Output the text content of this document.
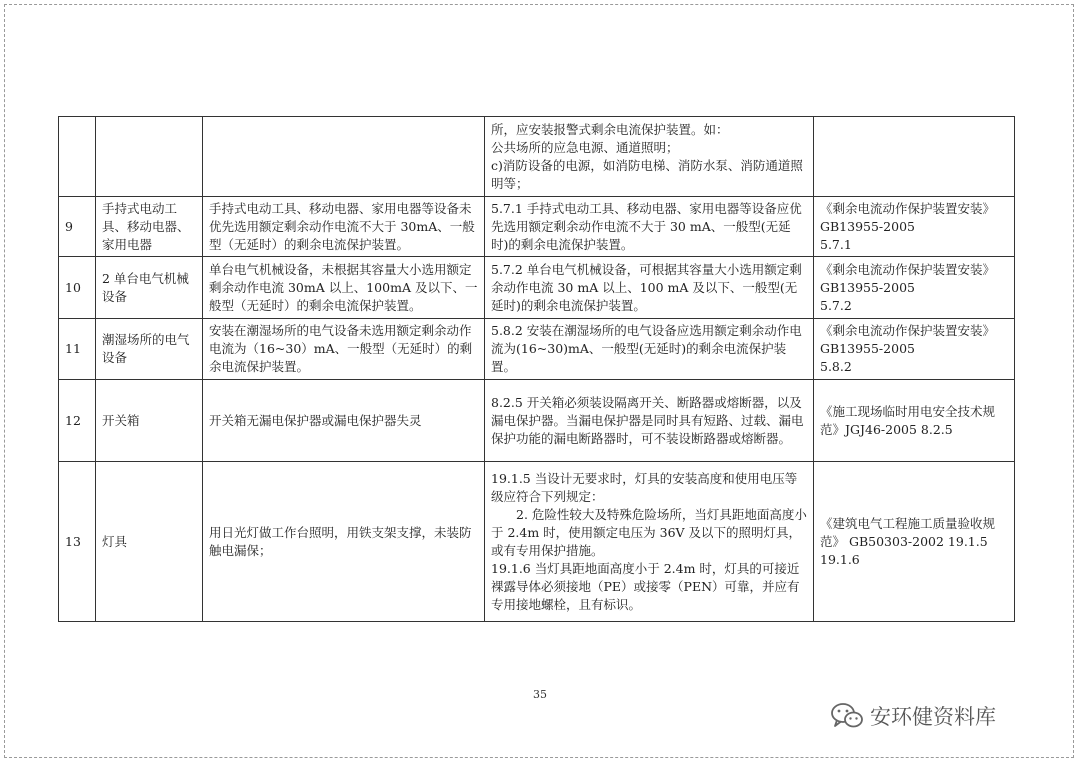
			所，应安装报警式剩余电流保护装置。如：
公共场所的应急电源、通道照明；
c)消防设备的电源，如消防电梯、消防水泵、消防通道照明等；	

9	手持式电动工具、移动电器、家用电器	手持式电动工具、移动电器、家用电器等设备未优先选用额定剩余动作电流不大于 30mA、一般型（无延时）的剩余电流保护装置。	5.7.1 手持式电动工具、移动电器、家用电器等设备应优先选用额定剩余动作电流不大于 30 mA、一般型(无延时)的剩余电流保护装置。	《剩余电流动作保护装置安装》
GB13955-2005
5.7.1

10	2 单台电气机械设备	单台电气机械设备，未根据其容量大小选用额定剩余动作电流 30mA 以上、100mA 及以下、一般型（无延时）的剩余电流保护装置。	5.7.2 单台电气机械设备，可根据其容量大小选用额定剩余动作电流 30 mA 以上、100 mA 及以下、一般型(无延时)的剩余电流保护装置。	《剩余电流动作保护装置安装》
GB13955-2005
5.7.2

11	潮湿场所的电气设备	安装在潮湿场所的电气设备未选用额定剩余动作电流为（16~30）mA、一般型（无延时）的剩余电流保护装置。	5.8.2 安装在潮湿场所的电气设备应选用额定剩余动作电流为(16~30)mA、一般型(无延时)的剩余电流保护装置。	《剩余电流动作保护装置安装》
GB13955-2005
5.8.2

12	开关箱	开关箱无漏电保护器或漏电保护器失灵	8.2.5 开关箱必须装设隔离开关、断路器或熔断器，以及漏电保护器。当漏电保护器是同时具有短路、过载、漏电保护功能的漏电断路器时，可不装设断路器或熔断器。	《施工现场临时用电安全技术规范》JGJ46-2005 8.2.5

13	灯具	用日光灯做工作台照明，用铁支架支撑，未装防触电漏保；	19.1.5 当设计无要求时，灯具的安装高度和使用电压等级应符合下列规定：
2. 危险性较大及特殊危险场所，当灯具距地面高度小于 2.4m 时，使用额定电压为 36V 及以下的照明灯具，或有专用保护措施。
19.1.6 当灯具距地面高度小于 2.4m 时，灯具的可接近裸露导体必须接地（PE）或接零（PEN）可靠，并应有专用接地螺栓，且有标识。	《建筑电气工程施工质量验收规范》 GB50303-2002 19.1.5
19.1.6
35
安环健资料库
